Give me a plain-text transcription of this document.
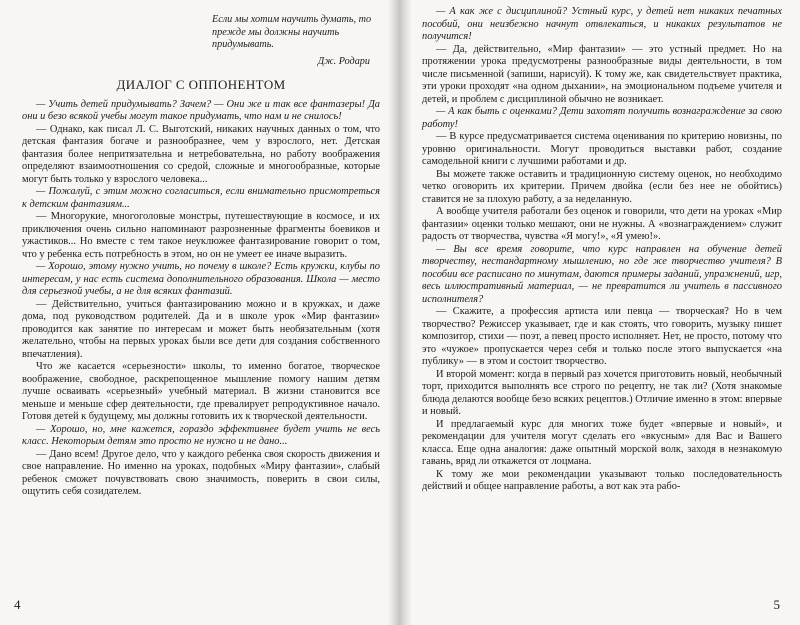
Если мы хотим научить думать, то прежде мы должны научить придумывать.
Дж. Родари
ДИАЛОГ С ОППОНЕНТОМ

— Учить детей придумывать? Зачем? — Они же и так все фантазеры! Да они и безо всякой учебы могут такое придумать, что нам и не снилось!

— Однако, как писал Л. С. Выготский, никаких научных данных о том, что детская фантазия богаче и разнообразнее, чем у взрослого, нет. Детская фантазия более непритязательна и нетребовательна, но работу воображения определяют взаимоотношения со средой, сложные и многообразные, которые могут быть только у взрослого человека...

— Пожалуй, с этим можно согласиться, если внимательно присмотреться к детским фантазиям...

— Многорукие, многоголовые монстры, путешествующие в космосе, и их приключения очень сильно напоминают разрозненные фрагменты боевиков и ужастиков... Но вместе с тем такое неуклюжее фантазирование говорит о том, что у ребенка есть потребность в этом, но он не умеет ее иначе выразить.

— Хорошо, этому нужно учить, но почему в школе? Есть кружки, клубы по интересам, у нас есть система дополнительного образования. Школа — место для серьезной учебы, а не для всяких фантазий.

— Действительно, учиться фантазированию можно и в кружках, и даже дома, под руководством родителей. Да и в школе урок «Мир фантазии» проводится как занятие по интересам и может быть необязательным (хотя желательно, чтобы на первых уроках были все дети для создания собственного впечатления).

Что же касается «серьезности» школы, то именно богатое, творческое воображение, свободное, раскрепощенное мышление помогу нашим детям лучше осваивать «серьезный» учебный материал. В жизни становится все меньше и меньше сфер деятельности, где превалирует репродуктивное начало. Готовя детей к будущему, мы должны готовить их к творческой деятельности.

— Хорошо, но, мне кажется, гораздо эффективнее будет учить не весь класс. Некоторым детям это просто не нужно и не дано...

— Дано всем! Другое дело, что у каждого ребенка своя скорость движения и свое направление. Но именно на уроках, подобных «Миру фантазии», слабый ребенок сможет почувствовать свою значимость, поверить в свои силы, ощутить себя созидателем.

4

— А как же с дисциплиной? Устный курс, у детей нет никаких печатных пособий, они неизбежно начнут отвлекаться, и никаких результатов не получится!

— Да, действительно, «Мир фантазии» — это устный предмет. Но на протяжении урока предусмотрены разнообразные виды деятельности, в том числе письменной (запиши, нарисуй). К тому же, как свидетельствует практика, эти уроки проходят «на одном дыхании», на эмоциональном подъеме учителя и детей, и проблем с дисциплиной обычно не возникает.

— А как быть с оценками? Дети захотят получить вознаграждение за свою работу!

— В курсе предусматривается система оценивания по критерию новизны, по уровню оригинальности. Могут проводиться выставки работ, создание самодельной книги с лучшими работами и др.

Вы можете также оставить и традиционную систему оценок, но необходимо четко оговорить их критерии. Причем двойка (если без нее не обойтись) ставится не за плохую работу, а за неделанную.

А вообще учителя работали без оценок и говорили, что дети на уроках «Мир фантазии» оценки только мешают, они не нужны. А «вознаграждением» служит радость от творчества, чувства «Я могу!», «Я умею!».

— Вы все время говорите, что курс направлен на обучение детей творчеству, нестандартному мышлению, но где же творчество учителя? В пособии все расписано по минутам, даются примеры заданий, упражнений, игр, весь иллюстративный материал, — не превратится ли учитель в пассивного исполнителя?

— Скажите, а профессия артиста или певца — творческая? Но в чем творчество? Режиссер указывает, где и как стоять, что говорить, музыку пишет композитор, стихи — поэт, а певец просто исполняет. Нет, не просто, потому что это «чужое» пропускается через себя и только после этого выпускается «на публику» — в этом и состоит творчество.

И второй момент: когда в первый раз хочется приготовить новый, необычный торт, приходится выполнять все строго по рецепту, не так ли? (Хотя знакомые блюда делаются вообще безо всяких рецептов.) Отличие именно в этом: впервые и новый.

И предлагаемый курс для многих тоже будет «впервые и новый», и рекомендации для учителя могут сделать его «вкусным» для Вас и Вашего класса. Еще одна аналогия: даже опытный морской волк, заходя в незнакомую гавань, вряд ли откажется от лоцмана.

К тому же мои рекомендации указывают только последовательность действий и общее направление работы, а вот как эта рабо-

5
